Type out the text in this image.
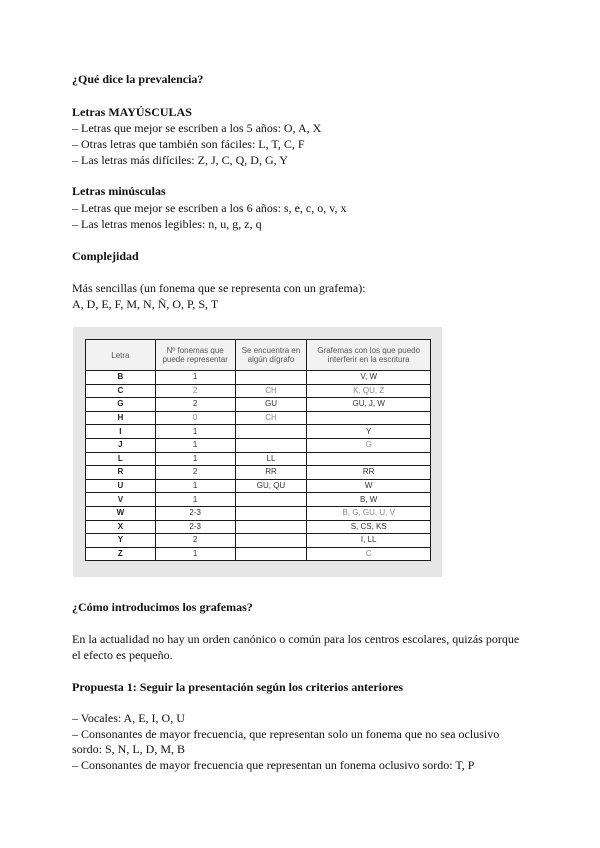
¿Qué dice la prevalencia?
Letras MAYÚSCULAS

– Letras que mejor se escriben a los 5 años: O, A, X

– Otras letras que también son fáciles: L, T, C, F

– Las letras más difíciles: Z, J, C, Q, D, G, Y

Letras minúsculas

– Letras que mejor se escriben a los 6 años: s, e, c, o, v, x

– Las letras menos legibles: n, u, g, z, q

Complejidad

Más sencillas (un fonema que se representa con un grafema):

A, D, E, F, M, N, Ñ, O, P, S, T

¿Cómo introducimos los grafemas?

En la actualidad no hay un orden canónico o común para los centros escolares, quizás porque

el efecto es pequeño.

Propuesta 1: Seguir la presentación según los criterios anteriores

– Vocales: A, E, I, O, U

– Consonantes de mayor frecuencia, que representan solo un fonema que no sea oclusivo

sordo: S, N, L, D, M, B

– Consonantes de mayor frecuencia que representan un fonema oclusivo sordo: T, P

Letra	Nº fonemas que puede representar	Se encuentra en algún dígrafo	Grafemas con los que puedo interferir en la escritura
B	1		V, W
C	2	CH	K, QU, Z
G	2	GU	GU, J, W
H	0	CH	
I	1		Y
J	1		G
L	1	LL	
R	2	RR	RR
U	1	GU, QU	W
V	1		B, W
W	2-3		B, G, GU, U, V
X	2-3		S, CS, KS
Y	2		I, LL
Z	1		C
